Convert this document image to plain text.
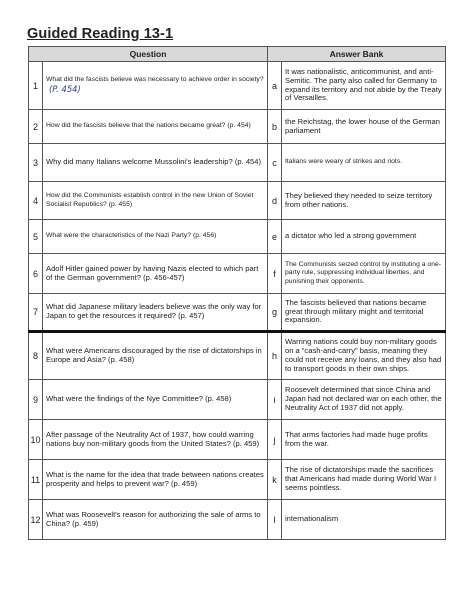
Guided Reading 13-1
Question		Answer Bank	
1	What did the fascists believe was necessary to achieve order in society?(P. 454)	a	It was nationalistic, anticommunist, and anti-Semitic. The party also called for Germany to expand its territory and not abide by the Treaty of Versailles.
2	How did the fascists believe that the nations became great? (p. 454)	b	the Reichstag, the lower house of the German parliament
3	Why did many Italians welcome Mussolini's leadership? (p. 454)	c	Italians were weary of strikes and riots.
4	How did the Communists establish control in the new Union of Soviet Socialist Republics? (p. 455)	d	They believed they needed to seize territory from other nations.
5	What were the characteristics of the Nazi Party? (p. 456)	e	a dictator who led a strong government
6	Adolf Hitler gained power by having Nazis elected to which part of the German government? (p. 456-457)	f	The Communists seized control by instituting a one-party rule, suppressing individual liberties, and punishing their opponents.
7	What did Japanese military leaders believe was the only way for Japan to get the resources it required? (p. 457)	g	The fascists believed that nations became great through military might and territorial expansion.
8	What were Americans discouraged by the rise of dictatorships in Europe and Asia? (p. 458)	h	Warring nations could buy non-military goods on a “cash-and-carry” basis, meaning they could not receive any loans, and they also had to transport goods in their own ships.
9	What were the findings of the Nye Committee? (p. 458)	i	Roosevelt determined that since China and Japan had not declared war on each other, the Neutrality Act of 1937 did not apply.
10	After passage of the Neutrality Act of 1937, how could warring nations buy non-military goods from the United States? (p. 459)	j	That arms factories had made huge profits from the war.
11	What is the name for the idea that trade between nations creates prosperity and helps to prevent war? (p. 459)	k	The rise of dictatorships made the sacrifices that Americans had made during World War I seems pointless.
12	What was Roosevelt's reason for authorizing the sale of arms to China? (p. 459)	l	internationalism
